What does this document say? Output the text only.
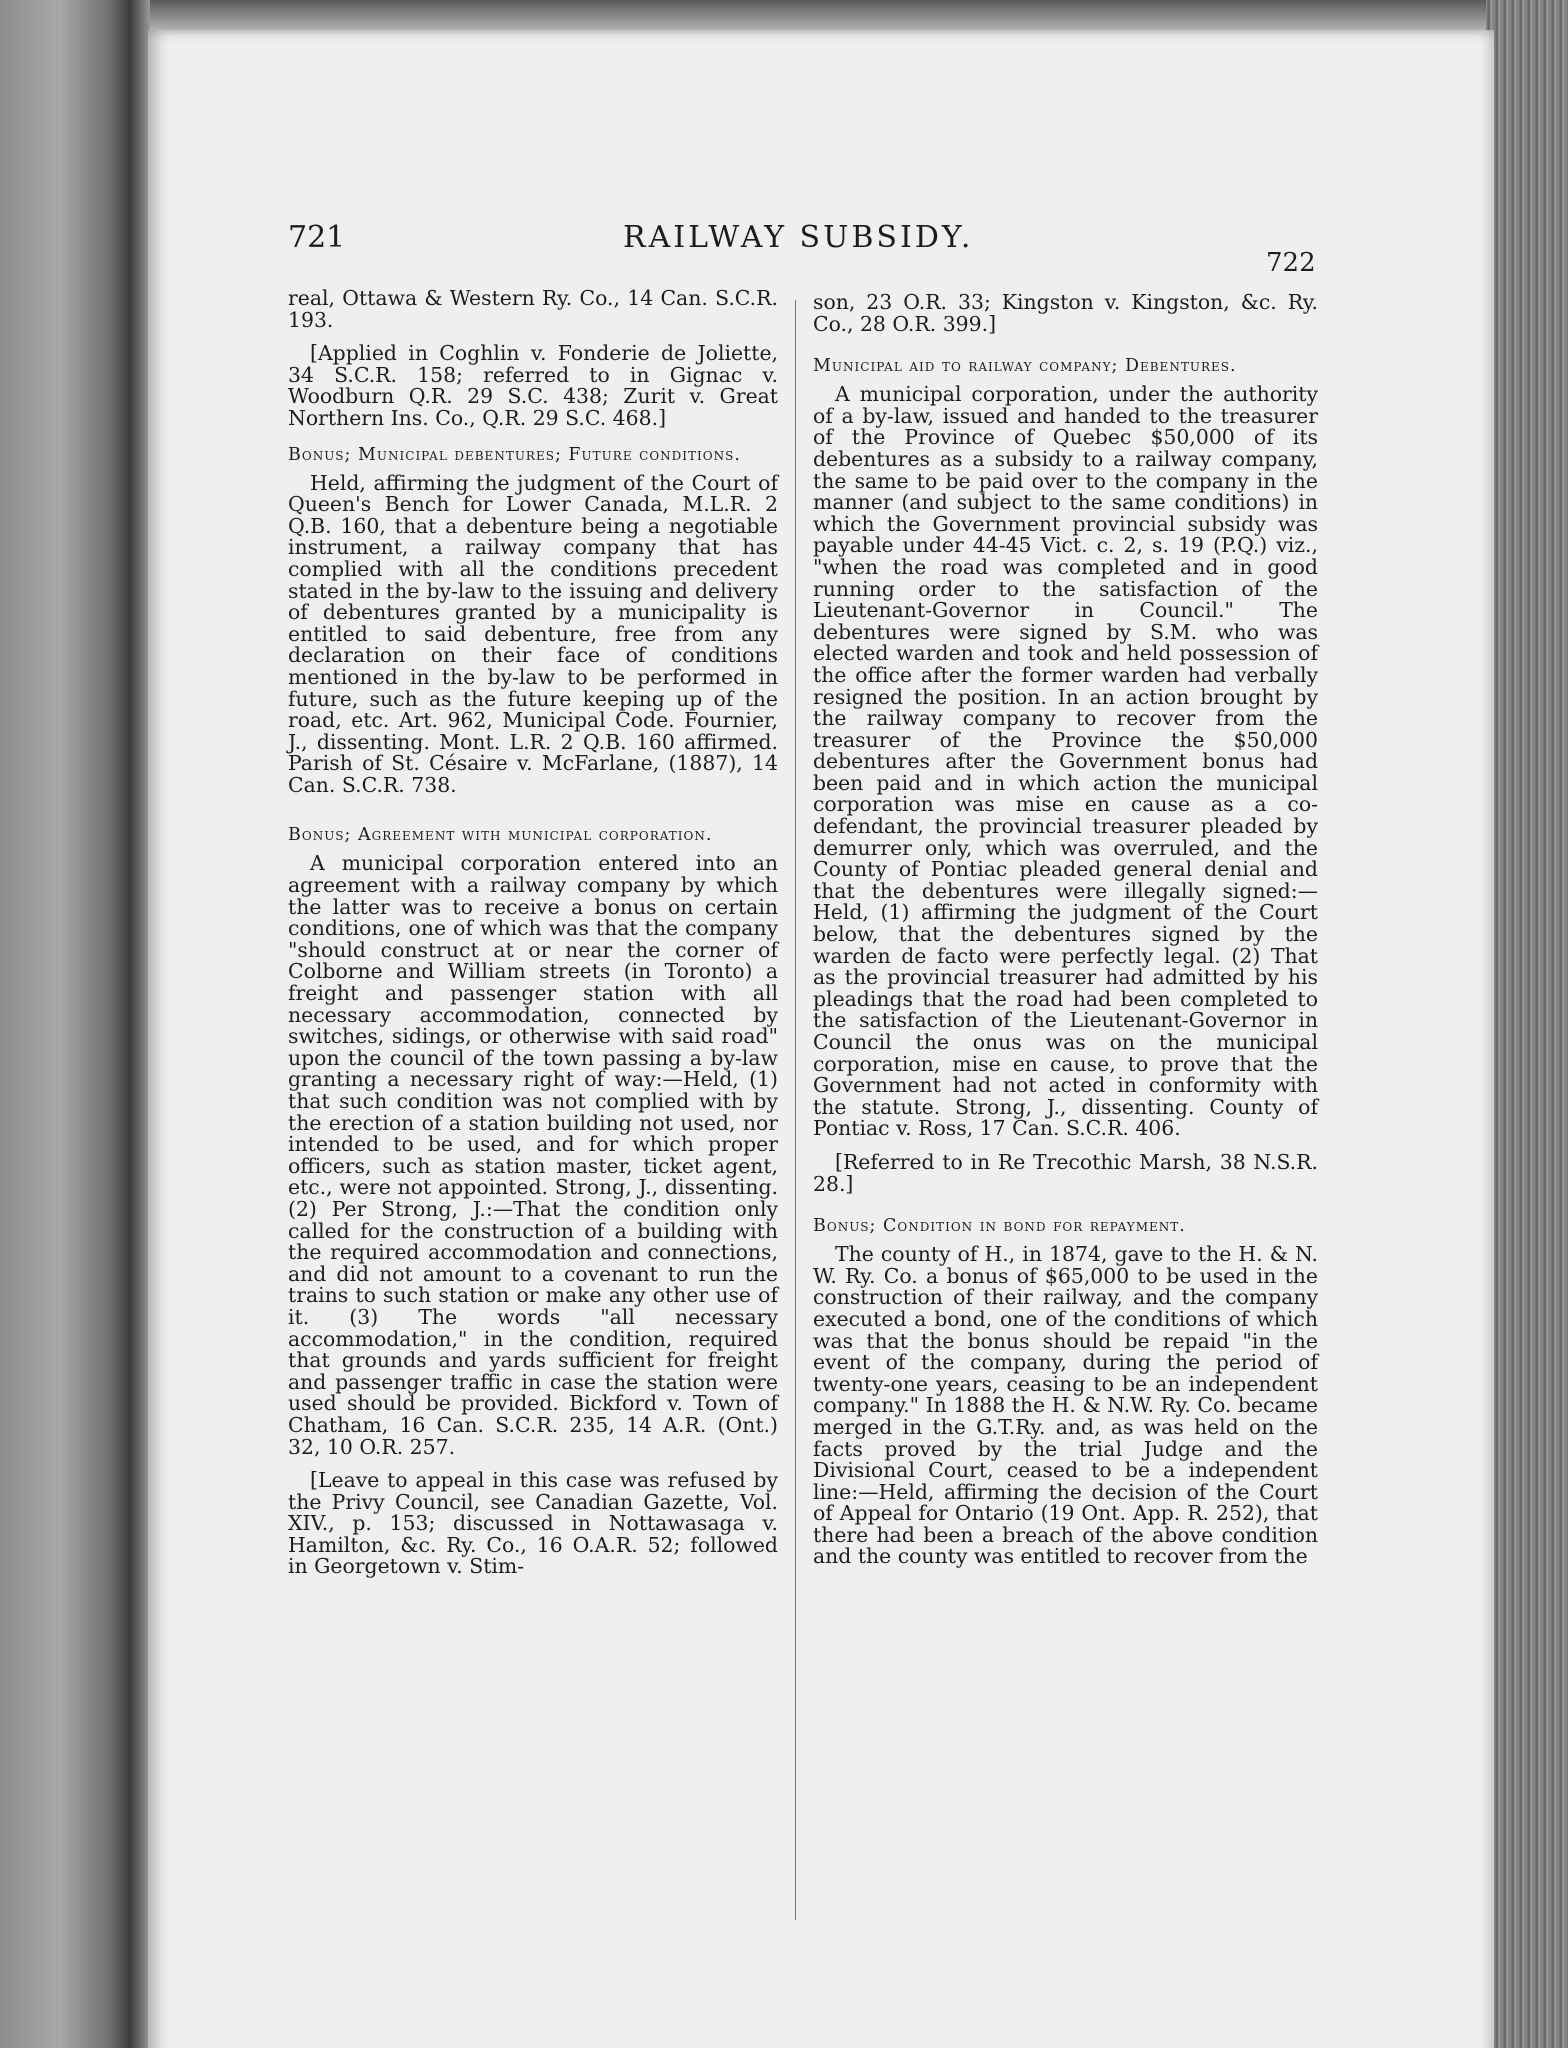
721	RAILWAY SUBSIDY.
722

real, Ottawa & Western Ry. Co., 14 Can. S.C.R. 193.

[Applied in Coghlin v. Fonderie de Joliette, 34 S.C.R. 158; referred to in Gignac v. Woodburn Q.R. 29 S.C. 438; Zurit v. Great Northern Ins. Co., Q.R. 29 S.C. 468.]

Bonus; Municipal debentures; Future conditions.

Held, affirming the judgment of the Court of Queen's Bench for Lower Canada, M.L.R. 2 Q.B. 160, that a debenture being a negotiable instrument, a railway company that has complied with all the conditions precedent stated in the by-law to the issuing and delivery of debentures granted by a municipality is entitled to said debenture, free from any declaration on their face of conditions mentioned in the by-law to be performed in future, such as the future keeping up of the road, etc. Art. 962, Municipal Code. Fournier, J., dissenting. Mont. L.R. 2 Q.B. 160 affirmed. Parish of St. Césaire v. McFarlane, (1887), 14 Can. S.C.R. 738.

Bonus; Agreement with municipal corporation.

A municipal corporation entered into an agreement with a railway company by which the latter was to receive a bonus on certain conditions, one of which was that the company "should construct at or near the corner of Colborne and William streets (in Toronto) a freight and passenger station with all necessary accommodation, connected by switches, sidings, or otherwise with said road" upon the council of the town passing a by-law granting a necessary right of way:—Held, (1) that such condition was not complied with by the erection of a station building not used, nor intended to be used, and for which proper officers, such as station master, ticket agent, etc., were not appointed. Strong, J., dissenting. (2) Per Strong, J.:—That the condition only called for the construction of a building with the required accommodation and connections, and did not amount to a covenant to run the trains to such station or make any other use of it. (3) The words "all necessary accommodation," in the condition, required that grounds and yards sufficient for freight and passenger traffic in case the station were used should be provided. Bickford v. Town of Chatham, 16 Can. S.C.R. 235, 14 A.R. (Ont.) 32, 10 O.R. 257.

[Leave to appeal in this case was refused by the Privy Council, see Canadian Gazette, Vol. XIV., p. 153; discussed in Nottawasaga v. Hamilton, &c. Ry. Co., 16 O.A.R. 52; followed in Georgetown v. Stim-

son, 23 O.R. 33; Kingston v. Kingston, &c. Ry. Co., 28 O.R. 399.]

Municipal aid to railway company; Debentures.

A municipal corporation, under the authority of a by-law, issued and handed to the treasurer of the Province of Quebec $50,000 of its debentures as a subsidy to a railway company, the same to be paid over to the company in the manner (and subject to the same conditions) in which the Government provincial subsidy was payable under 44-45 Vict. c. 2, s. 19 (P.Q.) viz., "when the road was completed and in good running order to the satisfaction of the Lieutenant-Governor in Council." The debentures were signed by S.M. who was elected warden and took and held possession of the office after the former warden had verbally resigned the position. In an action brought by the railway company to recover from the treasurer of the Province the $50,000 debentures after the Government bonus had been paid and in which action the municipal corporation was mise en cause as a co-defendant, the provincial treasurer pleaded by demurrer only, which was overruled, and the County of Pontiac pleaded general denial and that the debentures were illegally signed:—Held, (1) affirming the judgment of the Court below, that the debentures signed by the warden de facto were perfectly legal. (2) That as the provincial treasurer had admitted by his pleadings that the road had been completed to the satisfaction of the Lieutenant-Governor in Council the onus was on the municipal corporation, mise en cause, to prove that the Government had not acted in conformity with the statute. Strong, J., dissenting. County of Pontiac v. Ross, 17 Can. S.C.R. 406.

[Referred to in Re Trecothic Marsh, 38 N.S.R. 28.]

Bonus; Condition in bond for repayment.

The county of H., in 1874, gave to the H. & N. W. Ry. Co. a bonus of $65,000 to be used in the construction of their railway, and the company executed a bond, one of the conditions of which was that the bonus should be repaid "in the event of the company, during the period of twenty-one years, ceasing to be an independent company." In 1888 the H. & N.W. Ry. Co. became merged in the G.T.Ry. and, as was held on the facts proved by the trial Judge and the Divisional Court, ceased to be a independent line:—Held, affirming the decision of the Court of Appeal for Ontario (19 Ont. App. R. 252), that there had been a breach of the above condition and the county was entitled to recover from the
